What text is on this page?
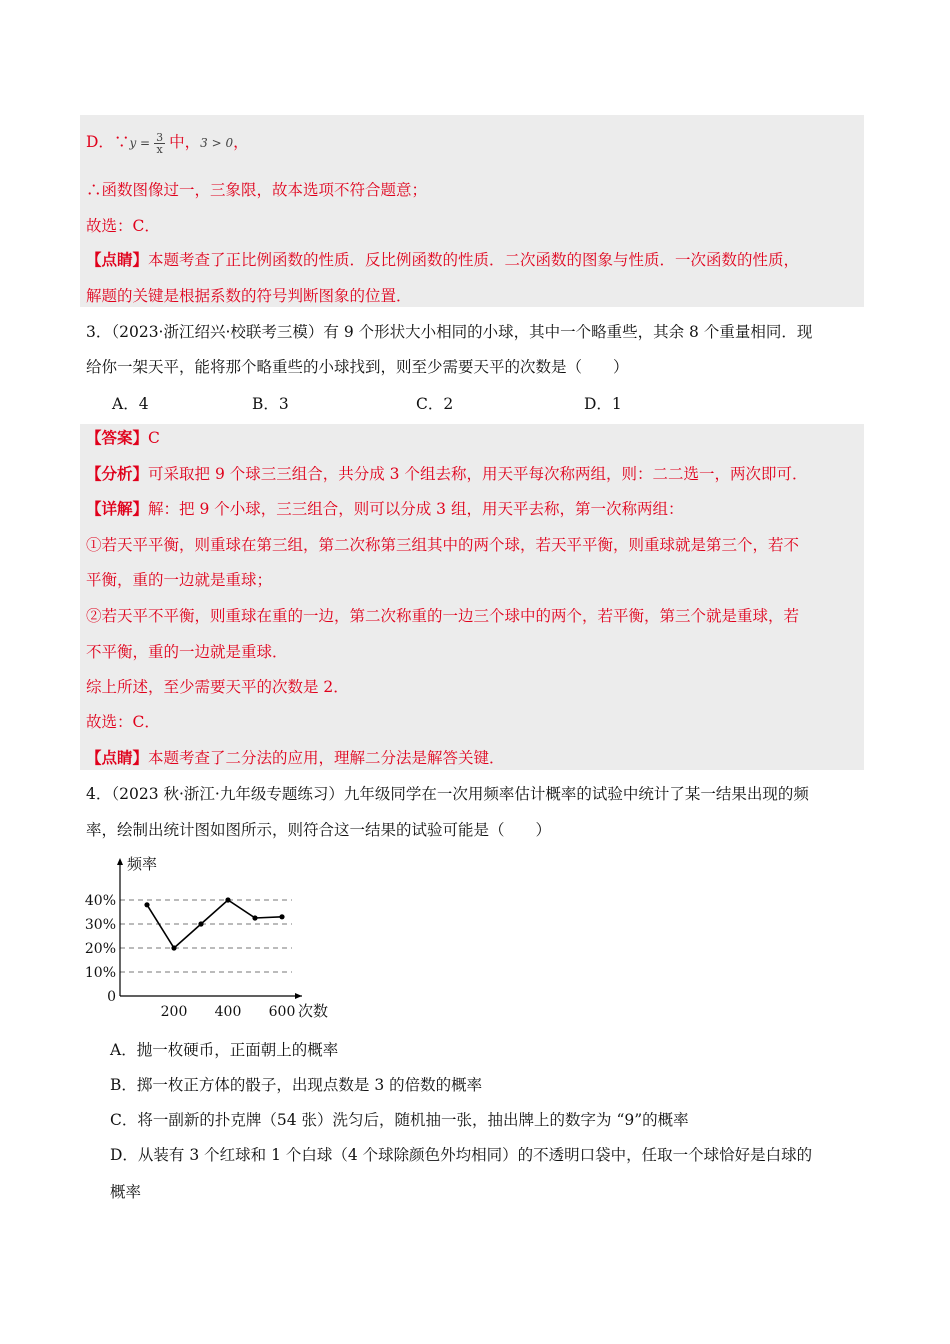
D．∵y = $\frac{3}{x}$ 中，3 > 0，
∴函数图像过一，三象限，故本选项不符合题意；
故选：C．
【点睛】本题考查了正比例函数的性质．反比例函数的性质．二次函数的图象与性质．一次函数的性质，
解题的关键是根据系数的符号判断图象的位置．
3．（2023·浙江绍兴·校联考三模）有 9 个形状大小相同的小球，其中一个略重些，其余 8 个重量相同．现
给你一架天平，能将那个略重些的小球找到，则至少需要天平的次数是（　　）
A．4	B．3	C．2	D．1
【答案】C
【分析】可采取把 9 个球三三组合，共分成 3 个组去称，用天平每次称两组，则：二二选一，两次即可．
【详解】解：把 9 个小球，三三组合，则可以分成 3 组，用天平去称，第一次称两组：
①若天平平衡，则重球在第三组，第二次称第三组其中的两个球，若天平平衡，则重球就是第三个，若不
平衡，重的一边就是重球；
②若天平不平衡，则重球在重的一边，第二次称重的一边三个球中的两个，若平衡，第三个就是重球，若
不平衡，重的一边就是重球．
综上所述，至少需要天平的次数是 2．
故选：C．
【点睛】本题考查了二分法的应用，理解二分法是解答关键．
4．（2023 秋·浙江·九年级专题练习）九年级同学在一次用频率估计概率的试验中统计了某一结果出现的频
率，绘制出统计图如图所示，则符合这一结果的试验可能是（　　）
0
10%
20%
30%
40%
200 400 600
频率
次数
A．抛一枚硬币，正面朝上的概率
B．掷一枚正方体的骰子，出现点数是 3 的倍数的概率
C．将一副新的扑克牌（54 张）洗匀后，随机抽一张，抽出牌上的数字为 “9”的概率
D．从装有 3 个红球和 1 个白球（4 个球除颜色外均相同）的不透明口袋中，任取一个球恰好是白球的
概率
